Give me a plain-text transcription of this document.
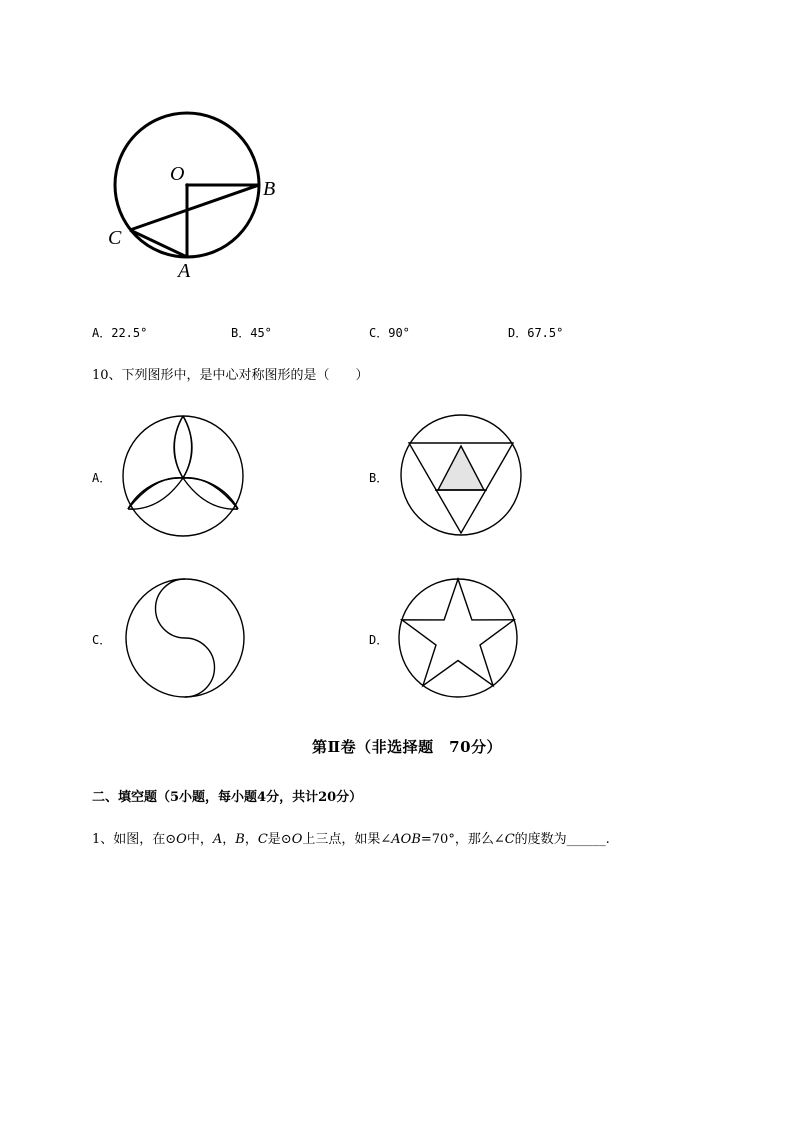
O
B
C
A
A．22.5°	B．45°	C．90°	D．67.5°
10、下列图形中，是中心对称图形的是（　　）
A．	B．
C．	D．
第Ⅱ卷（非选择题　70分）
二、填空题（5小题，每小题4分，共计20分）
1、如图，在⊙O中，A，B，C是⊙O上三点，如果∠AOB=70°，那么∠C的度数为______.
